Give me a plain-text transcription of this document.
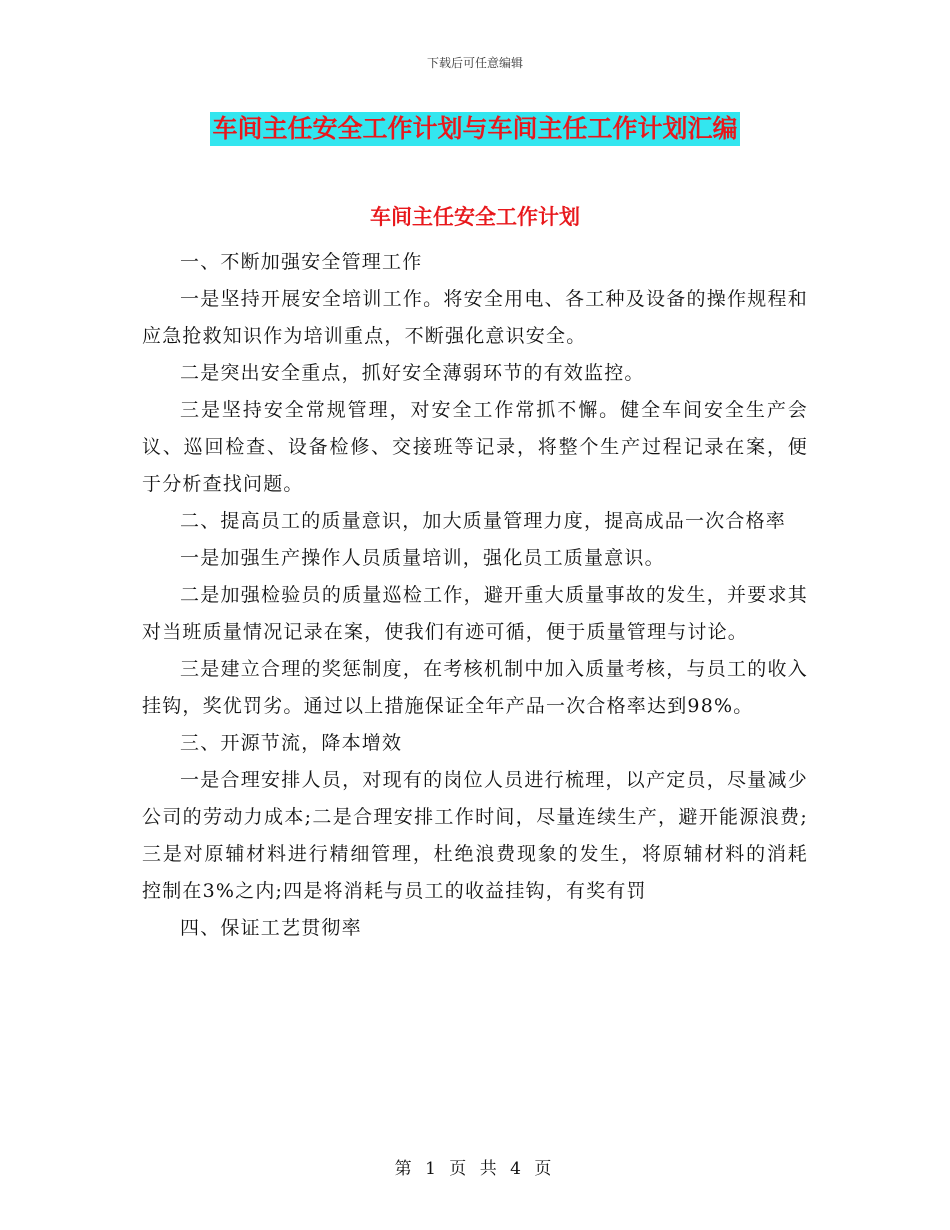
下载后可任意编辑
车间主任安全工作计划与车间主任工作计划汇编
车间主任安全工作计划

一、不断加强安全管理工作

一是坚持开展安全培训工作。将安全用电、各工种及设备的操作规程和应急抢救知识作为培训重点，不断强化意识安全。

二是突出安全重点，抓好安全薄弱环节的有效监控。

三是坚持安全常规管理，对安全工作常抓不懈。健全车间安全生产会议、巡回检查、设备检修、交接班等记录，将整个生产过程记录在案，便于分析查找问题。

二、提高员工的质量意识，加大质量管理力度，提高成品一次合格率

一是加强生产操作人员质量培训，强化员工质量意识。

二是加强检验员的质量巡检工作，避开重大质量事故的发生，并要求其对当班质量情况记录在案，使我们有迹可循，便于质量管理与讨论。

三是建立合理的奖惩制度，在考核机制中加入质量考核，与员工的收入挂钩，奖优罚劣。通过以上措施保证全年产品一次合格率达到98%。

三、开源节流，降本增效

一是合理安排人员，对现有的岗位人员进行梳理，以产定员，尽量减少公司的劳动力成本;二是合理安排工作时间，尽量连续生产，避开能源浪费;三是对原辅材料进行精细管理，杜绝浪费现象的发生，将原辅材料的消耗控制在3%之内;四是将消耗与员工的收益挂钩，有奖有罚

四、保证工艺贯彻率

第 1 页 共 4 页
